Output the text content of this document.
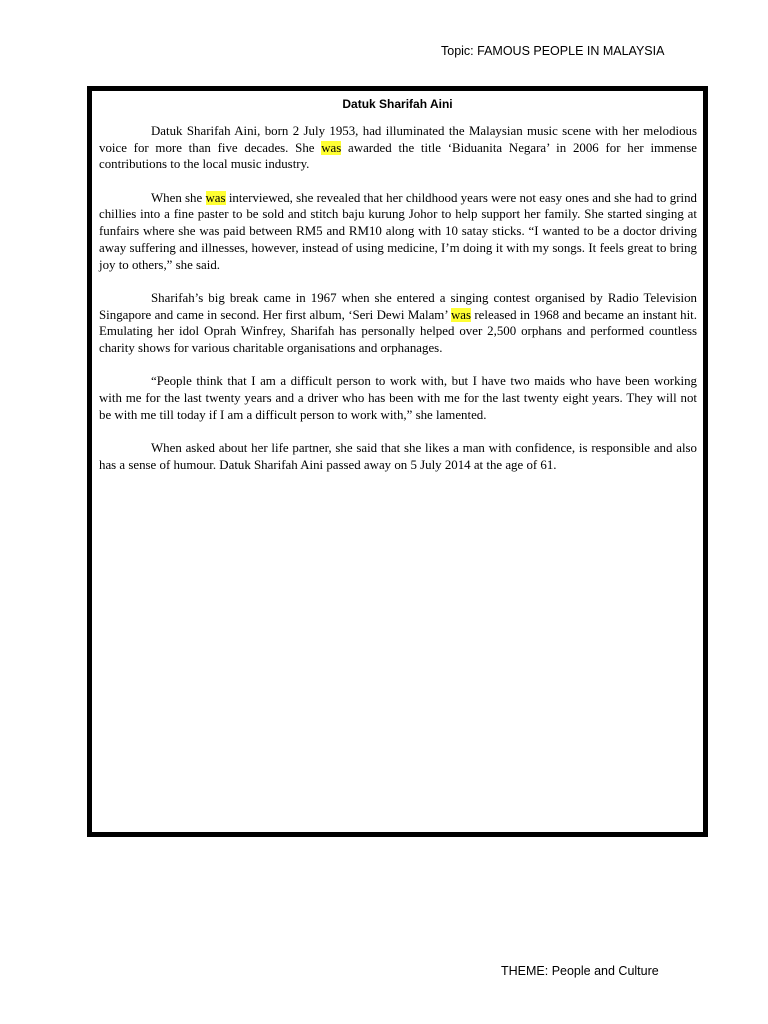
Topic: FAMOUS PEOPLE IN MALAYSIA
Datuk Sharifah Aini

Datuk Sharifah Aini, born 2 July 1953, had illuminated the Malaysian music scene with her melodious voice for more than five decades. She was awarded the title ‘Biduanita Negara’ in 2006 for her immense contributions to the local music industry.

When she was interviewed, she revealed that her childhood years were not easy ones and she had to grind chillies into a fine paster to be sold and stitch baju kurung Johor to help support her family. She started singing at funfairs where she was paid between RM5 and RM10 along with 10 satay sticks. “I wanted to be a doctor driving away suffering and illnesses, however, instead of using medicine, I’m doing it with my songs. It feels great to bring joy to others,” she said.

Sharifah’s big break came in 1967 when she entered a singing contest organised by Radio Television Singapore and came in second. Her first album, ‘Seri Dewi Malam’ was released in 1968 and became an instant hit. Emulating her idol Oprah Winfrey, Sharifah has personally helped over 2,500 orphans and performed countless charity shows for various charitable organisations and orphanages.

“People think that I am a difficult person to work with, but I have two maids who have been working with me for the last twenty years and a driver who has been with me for the last twenty eight years. They will not be with me till today if I am a difficult person to work with,” she lamented.

When asked about her life partner, she said that she likes a man with confidence, is responsible and also has a sense of humour. Datuk Sharifah Aini passed away on 5 July 2014 at the age of 61.

THEME: People and Culture
